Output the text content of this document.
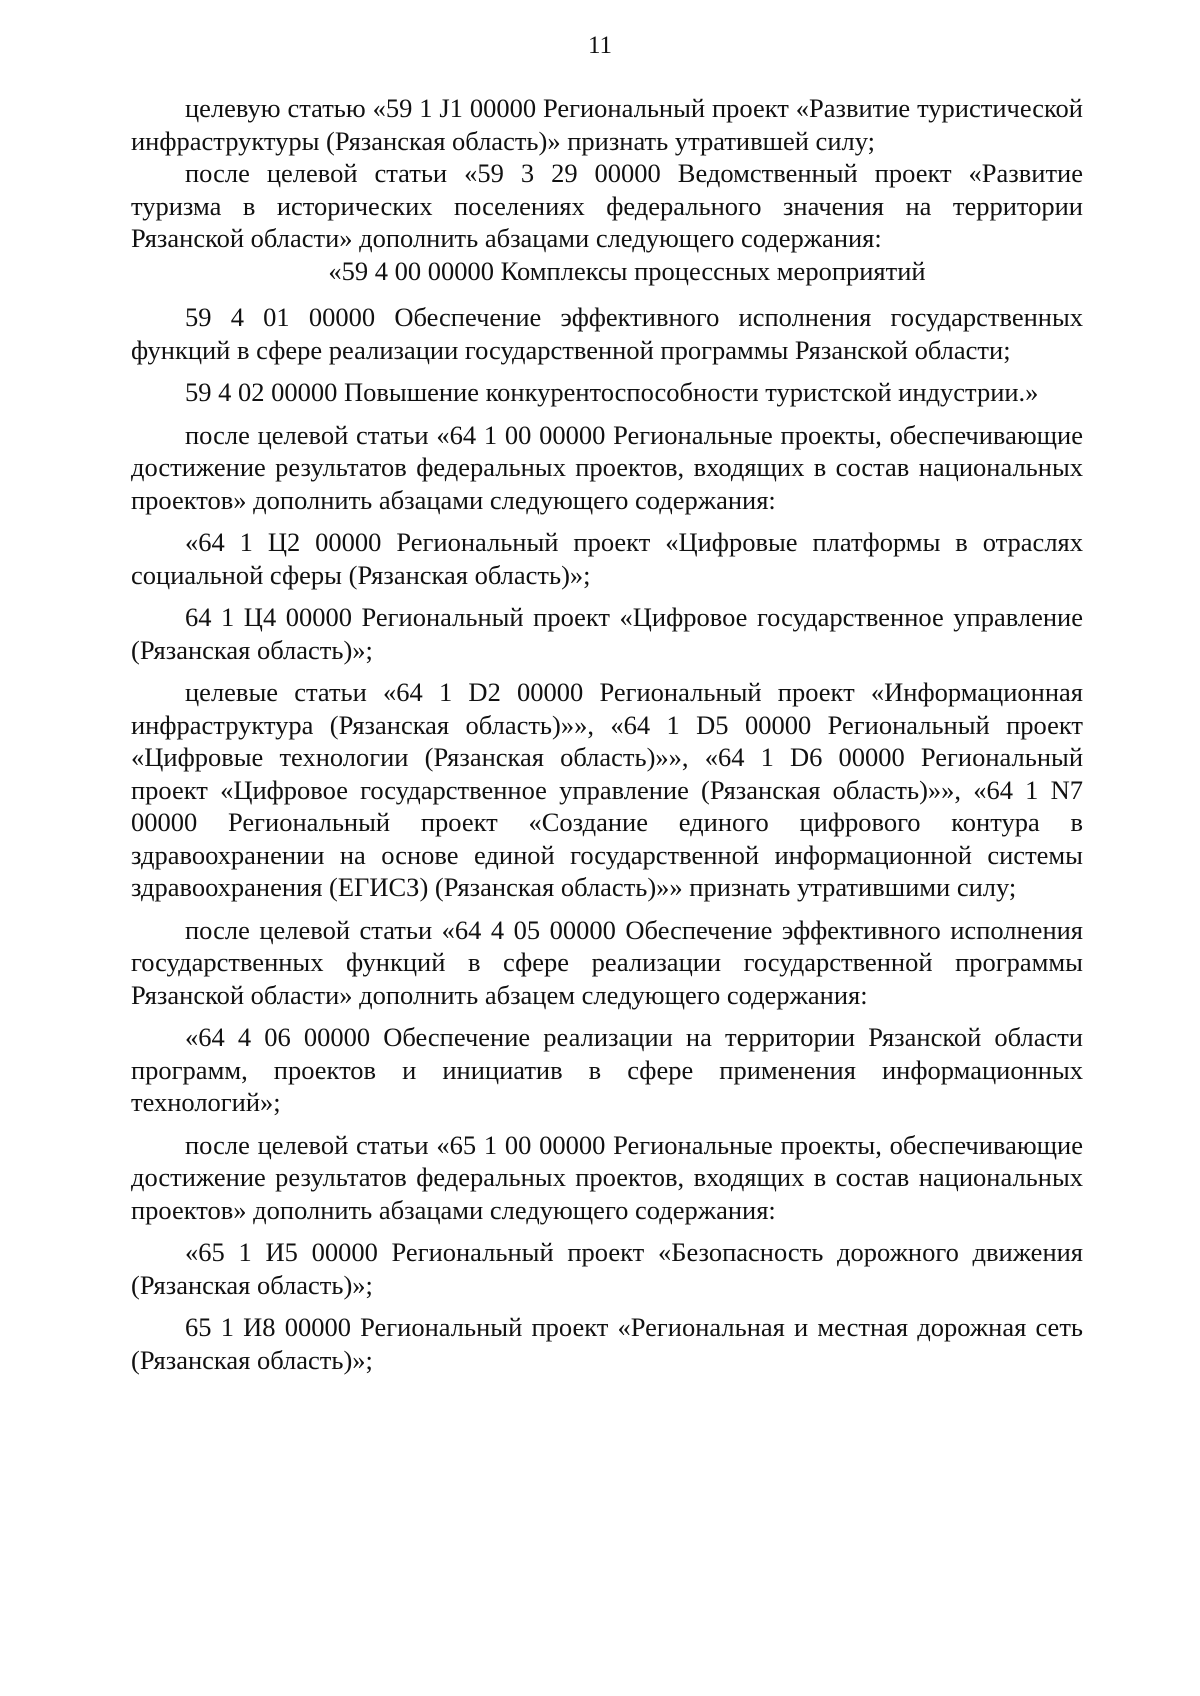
11

целевую статью «59 1 J1 00000 Региональный проект «Развитие туристической инфраструктуры (Рязанская область)» признать утратившей силу;

после целевой статьи «59 3 29 00000 Ведомственный проект «Развитие туризма в исторических поселениях федерального значения на территории Рязанской области» дополнить абзацами следующего содержания:

«59 4 00 00000 Комплексы процессных мероприятий

59 4 01 00000 Обеспечение эффективного исполнения государственных функций в сфере реализации государственной программы Рязанской области;

59 4 02 00000 Повышение конкурентоспособности туристской индустрии.»

после целевой статьи «64 1 00 00000 Региональные проекты, обеспечивающие достижение результатов федеральных проектов, входящих в состав национальных проектов» дополнить абзацами следующего содержания:

«64 1 Ц2 00000 Региональный проект «Цифровые платформы в отраслях социальной сферы (Рязанская область)»;

64 1 Ц4 00000 Региональный проект «Цифровое государственное управление (Рязанская область)»;

целевые статьи «64 1 D2 00000 Региональный проект «Информационная инфраструктура (Рязанская область)»», «64 1 D5 00000 Региональный проект «Цифровые технологии (Рязанская область)»», «64 1 D6 00000 Региональный проект «Цифровое государственное управление (Рязанская область)»», «64 1 N7 00000 Региональный проект «Создание единого цифрового контура в здравоохранении на основе единой государственной информационной системы здравоохранения (ЕГИСЗ) (Рязанская область)»» признать утратившими силу;

после целевой статьи «64 4 05 00000 Обеспечение эффективного исполнения государственных функций в сфере реализации государственной программы Рязанской области» дополнить абзацем следующего содержания:

«64 4 06 00000 Обеспечение реализации на территории Рязанской области программ, проектов и инициатив в сфере применения информационных технологий»;

после целевой статьи «65 1 00 00000 Региональные проекты, обеспечивающие достижение результатов федеральных проектов, входящих в состав национальных проектов» дополнить абзацами следующего содержания:

«65 1 И5 00000 Региональный проект «Безопасность дорожного движения (Рязанская область)»;

65 1 И8 00000 Региональный проект «Региональная и местная дорожная сеть (Рязанская область)»;
